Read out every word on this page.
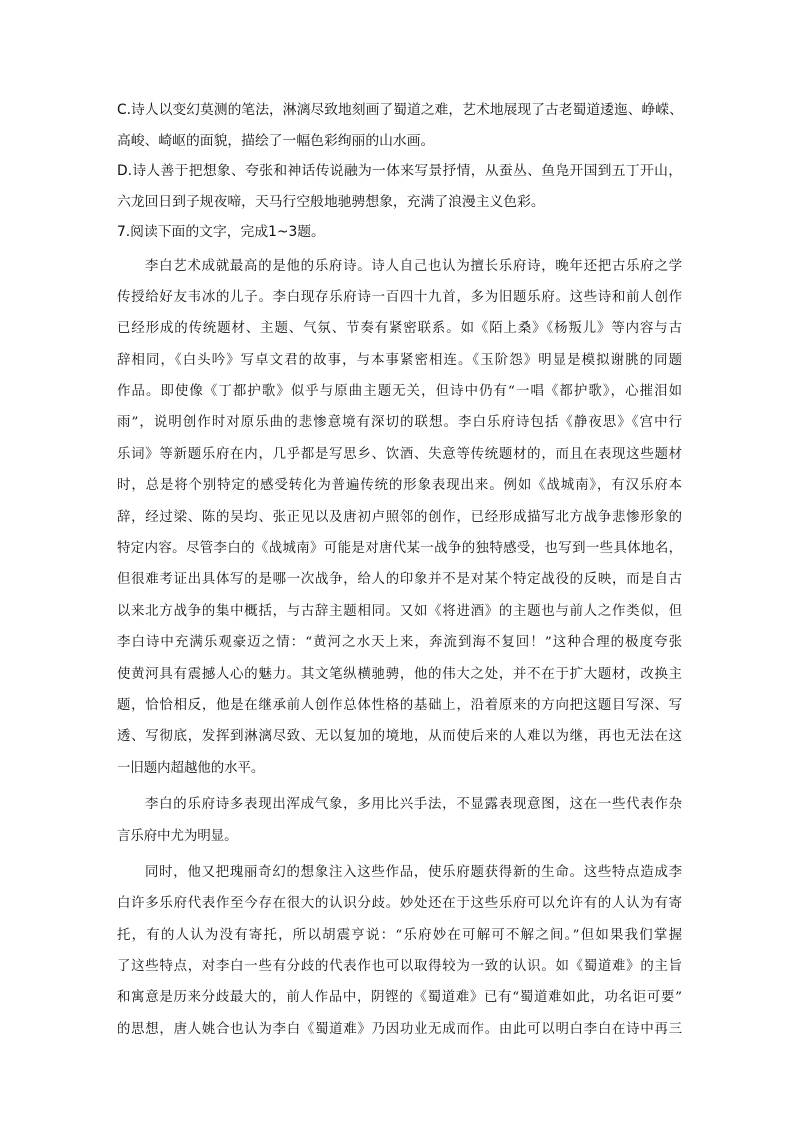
C.诗人以变幻莫测的笔法，淋漓尽致地刻画了蜀道之难，艺术地展现了古老蜀道逶迤、峥嵘、

高峻、崎岖的面貌，描绘了一幅色彩绚丽的山水画。

D.诗人善于把想象、夸张和神话传说融为一体来写景抒情，从蚕丛、鱼凫开国到五丁开山，

六龙回日到子规夜啼，天马行空般地驰骋想象，充满了浪漫主义色彩。

7.阅读下面的文字，完成1~3题。

李白艺术成就最高的是他的乐府诗。诗人自己也认为擅长乐府诗，晚年还把古乐府之学
传授给好友韦冰的儿子。李白现存乐府诗一百四十九首，多为旧题乐府。这些诗和前人创作
已经形成的传统题材、主题、气氛、节奏有紧密联系。如《陌上桑》《杨叛儿》等内容与古
辞相同，《白头吟》写卓文君的故事，与本事紧密相连。《玉阶怨》明显是模拟谢朓的同题
作品。即使像《丁都护歌》似乎与原曲主题无关，但诗中仍有“一唱《都护歌》，心摧泪如
雨”，说明创作时对原乐曲的悲惨意境有深切的联想。李白乐府诗包括《静夜思》《宫中行
乐词》等新题乐府在内，几乎都是写思乡、饮酒、失意等传统题材的，而且在表现这些题材
时，总是将个别特定的感受转化为普遍传统的形象表现出来。例如《战城南》，有汉乐府本
辞，经过梁、陈的吴均、张正见以及唐初卢照邻的创作，已经形成描写北方战争悲惨形象的
特定内容。尽管李白的《战城南》可能是对唐代某一战争的独特感受，也写到一些具体地名，
但很难考证出具体写的是哪一次战争，给人的印象并不是对某个特定战役的反映，而是自古
以来北方战争的集中概括，与古辞主题相同。又如《将进酒》的主题也与前人之作类似，但
李白诗中充满乐观豪迈之情：“黄河之水天上来，奔流到海不复回！”这种合理的极度夸张
使黄河具有震撼人心的魅力。其文笔纵横驰骋，他的伟大之处，并不在于扩大题材，改换主
题，恰恰相反，他是在继承前人创作总体性格的基础上，沿着原来的方向把这题目写深、写
透、写彻底，发挥到淋漓尽致、无以复加的境地，从而使后来的人难以为继，再也无法在这
一旧题内超越他的水平。
李白的乐府诗多表现出浑成气象，多用比兴手法，不显露表现意图，这在一些代表作杂
言乐府中尤为明显。
同时，他又把瑰丽奇幻的想象注入这些作品，使乐府题获得新的生命。这些特点造成李
白许多乐府代表作至今存在很大的认识分歧。妙处还在于这些乐府可以允许有的人认为有寄
托，有的人认为没有寄托，所以胡震亨说：“乐府妙在可解可不解之间。”但如果我们掌握
了这些特点，对李白一些有分歧的代表作也可以取得较为一致的认识。如《蜀道难》的主旨
和寓意是历来分歧最大的，前人作品中，阴铿的《蜀道难》已有“蜀道难如此，功名讵可要”
的思想，唐人姚合也认为李白《蜀道难》乃因功业无成而作。由此可以明白李白在诗中再三
